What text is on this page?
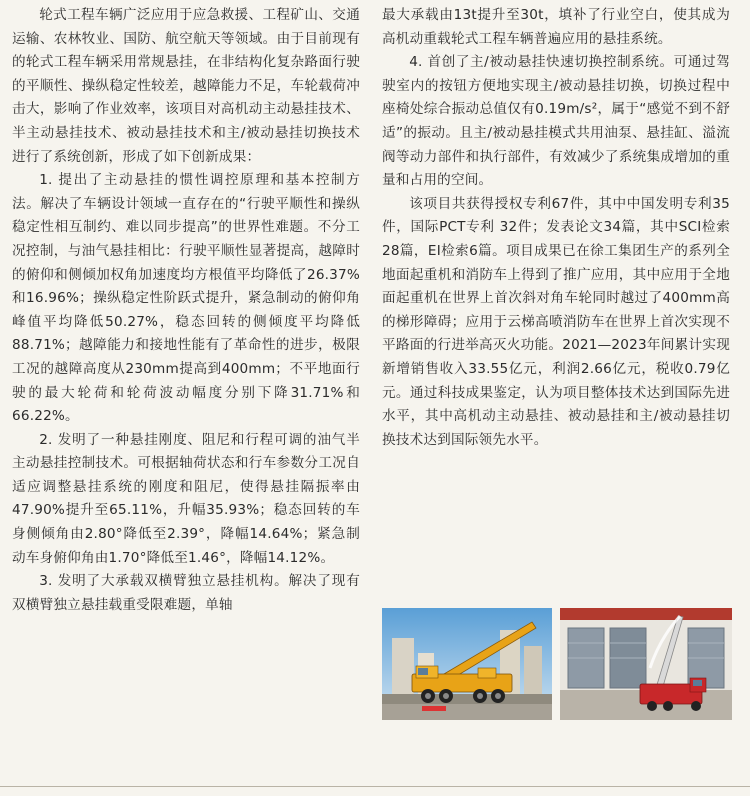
轮式工程车辆广泛应用于应急救援、工程矿山、交通运输、农林牧业、国防、航空航天等领域。由于目前现有的轮式工程车辆采用常规悬挂，在非结构化复杂路面行驶的平顺性、操纵稳定性较差，越障能力不足，车轮载荷冲击大，影响了作业效率，该项目对高机动主动悬挂技术、半主动悬挂技术、被动悬挂技术和主/被动悬挂切换技术进行了系统创新，形成了如下创新成果：

1. 提出了主动悬挂的惯性调控原理和基本控制方法。解决了车辆设计领域一直存在的“行驶平顺性和操纵稳定性相互制约、难以同步提高”的世界性难题。不分工况控制，与油气悬挂相比：行驶平顺性显著提高，越障时的俯仰和侧倾加权角加速度均方根值平均降低了26.37%和16.96%；操纵稳定性阶跃式提升，紧急制动的俯仰角峰值平均降低50.27%，稳态回转的侧倾度平均降低88.71%；越障能力和接地性能有了革命性的进步，极限工况的越障高度从230mm提高到400mm；不平地面行驶的最大轮荷和轮荷波动幅度分别下降31.71%和66.22%。

2. 发明了一种悬挂刚度、阻尼和行程可调的油气半主动悬挂控制技术。可根据轴荷状态和行车参数分工况自适应调整悬挂系统的刚度和阻尼，使得悬挂隔振率由47.90%提升至65.11%，升幅35.93%；稳态回转的车身侧倾角由2.80°降低至2.39°，降幅14.64%；紧急制动车身俯仰角由1.70°降低至1.46°，降幅14.12%。

3. 发明了大承载双横臂独立悬挂机构。解决了现有双横臂独立悬挂载重受限难题，单轴

最大承载由13t提升至30t，填补了行业空白，使其成为高机动重载轮式工程车辆普遍应用的悬挂系统。

4. 首创了主/被动悬挂快速切换控制系统。可通过驾驶室内的按钮方便地实现主/被动悬挂切换，切换过程中座椅处综合振动总值仅有0.19m/s²，属于“感觉不到不舒适”的振动。且主/被动悬挂模式共用油泵、悬挂缸、溢流阀等动力部件和执行部件，有效减少了系统集成增加的重量和占用的空间。

该项目共获得授权专利67件，其中中国发明专利35件，国际PCT专利 32件；发表论文34篇，其中SCI检索28篇，EI检索6篇。项目成果已在徐工集团生产的系列全地面起重机和消防车上得到了推广应用，其中应用于全地面起重机在世界上首次斜对角车轮同时越过了400mm高的梯形障碍；应用于云梯高喷消防车在世界上首次实现不平路面的行进举高灭火功能。2021—2023年间累计实现新增销售收入33.55亿元，利润2.66亿元，税收0.79亿元。通过科技成果鉴定，认为项目整体技术达到国际先进水平，其中高机动主动悬挂、被动悬挂和主/被动悬挂切换技术达到国际领先水平。
